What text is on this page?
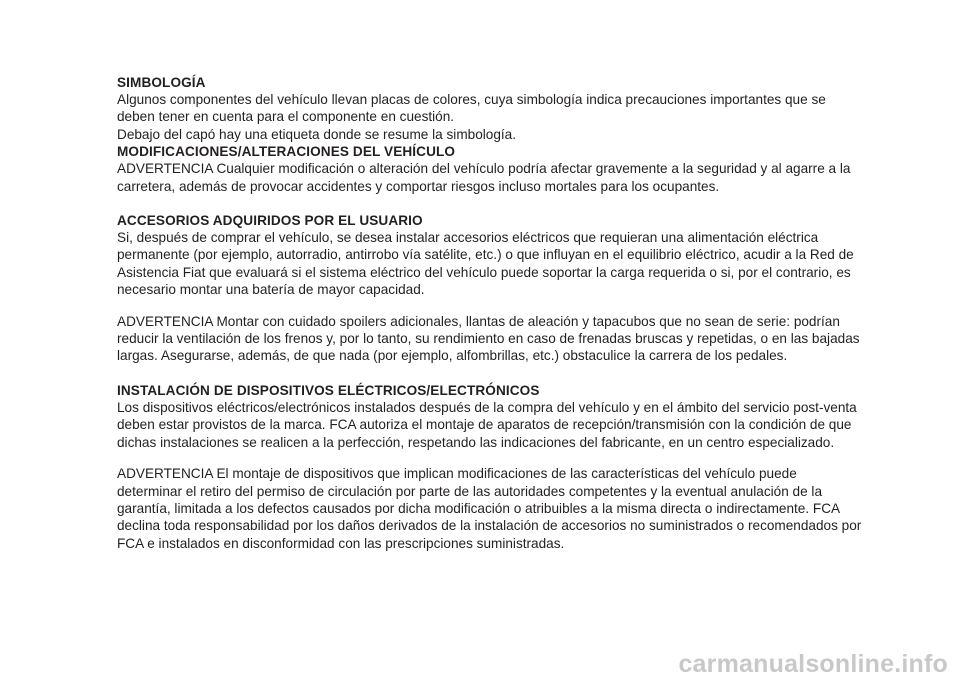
SIMBOLOGÍA

Algunos componentes del vehículo llevan placas de colores, cuya simbología indica precauciones importantes que se deben tener en cuenta para el componente en cuestión.

Debajo del capó hay una etiqueta donde se resume la simbología.

MODIFICACIONES/ALTERACIONES DEL VEHÍCULO

ADVERTENCIA Cualquier modificación o alteración del vehículo podría afectar gravemente a la seguridad y al agarre a la carretera, además de provocar accidentes y comportar riesgos incluso mortales para los ocupantes.

ACCESORIOS ADQUIRIDOS POR EL USUARIO

Si, después de comprar el vehículo, se desea instalar accesorios eléctricos que requieran una alimentación eléctrica permanente (por ejemplo, autorradio, antirrobo vía satélite, etc.) o que influyan en el equilibrio eléctrico, acudir a la Red de Asistencia Fiat que evaluará si el sistema eléctrico del vehículo puede soportar la carga requerida o si, por el contrario, es necesario montar una batería de mayor capacidad.

ADVERTENCIA Montar con cuidado spoilers adicionales, llantas de aleación y tapacubos que no sean de serie: podrían reducir la ventilación de los frenos y, por lo tanto, su rendimiento en caso de frenadas bruscas y repetidas, o en las bajadas largas. Asegurarse, además, de que nada (por ejemplo, alfombrillas, etc.) obstaculice la carrera de los pedales.

INSTALACIÓN DE DISPOSITIVOS ELÉCTRICOS/ELECTRÓNICOS

Los dispositivos eléctricos/electrónicos instalados después de la compra del vehículo y en el ámbito del servicio post-venta deben estar provistos de la marca. FCA autoriza el montaje de aparatos de recepción/transmisión con la condición de que dichas instalaciones se realicen a la perfección, respetando las indicaciones del fabricante, en un centro especializado.

ADVERTENCIA El montaje de dispositivos que implican modificaciones de las características del vehículo puede determinar el retiro del permiso de circulación por parte de las autoridades competentes y la eventual anulación de la garantía, limitada a los defectos causados por dicha modificación o atribuibles a la misma directa o indirectamente. FCA declina toda responsabilidad por los daños derivados de la instalación de accesorios no suministrados o recomendados por FCA e instalados en disconformidad con las prescripciones suministradas.

carmanualsonline.info
